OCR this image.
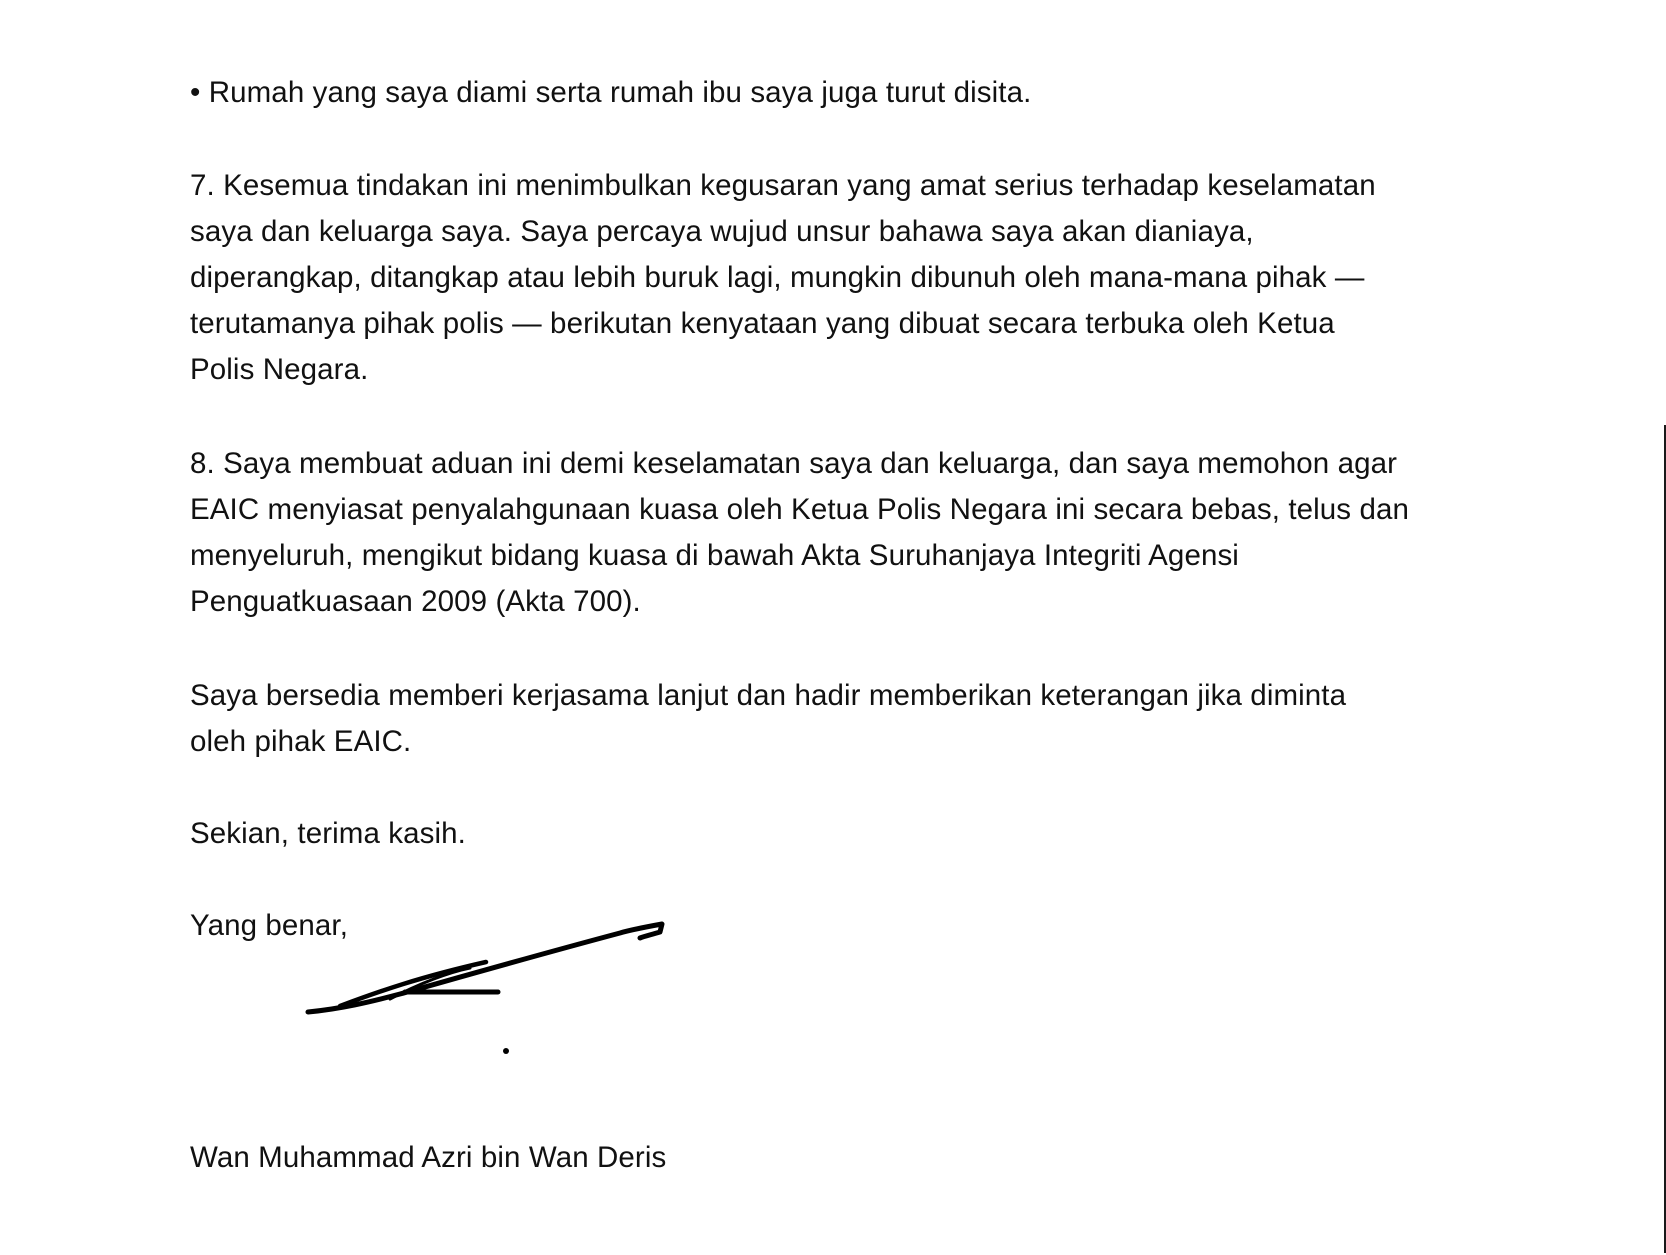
• Rumah yang saya diami serta rumah ibu saya juga turut disita.

7. Kesemua tindakan ini menimbulkan kegusaran yang amat serius terhadap keselamatan
saya dan keluarga saya. Saya percaya wujud unsur bahawa saya akan dianiaya,
diperangkap, ditangkap atau lebih buruk lagi, mungkin dibunuh oleh mana-mana pihak —
terutamanya pihak polis — berikutan kenyataan yang dibuat secara terbuka oleh Ketua
Polis Negara.

8. Saya membuat aduan ini demi keselamatan saya dan keluarga, dan saya memohon agar
EAIC menyiasat penyalahgunaan kuasa oleh Ketua Polis Negara ini secara bebas, telus dan
menyeluruh, mengikut bidang kuasa di bawah Akta Suruhanjaya Integriti Agensi
Penguatkuasaan 2009 (Akta 700).

Saya bersedia memberi kerjasama lanjut dan hadir memberikan keterangan jika diminta
oleh pihak EAIC.

Sekian, terima kasih.

Yang benar,

Wan Muhammad Azri bin Wan Deris
